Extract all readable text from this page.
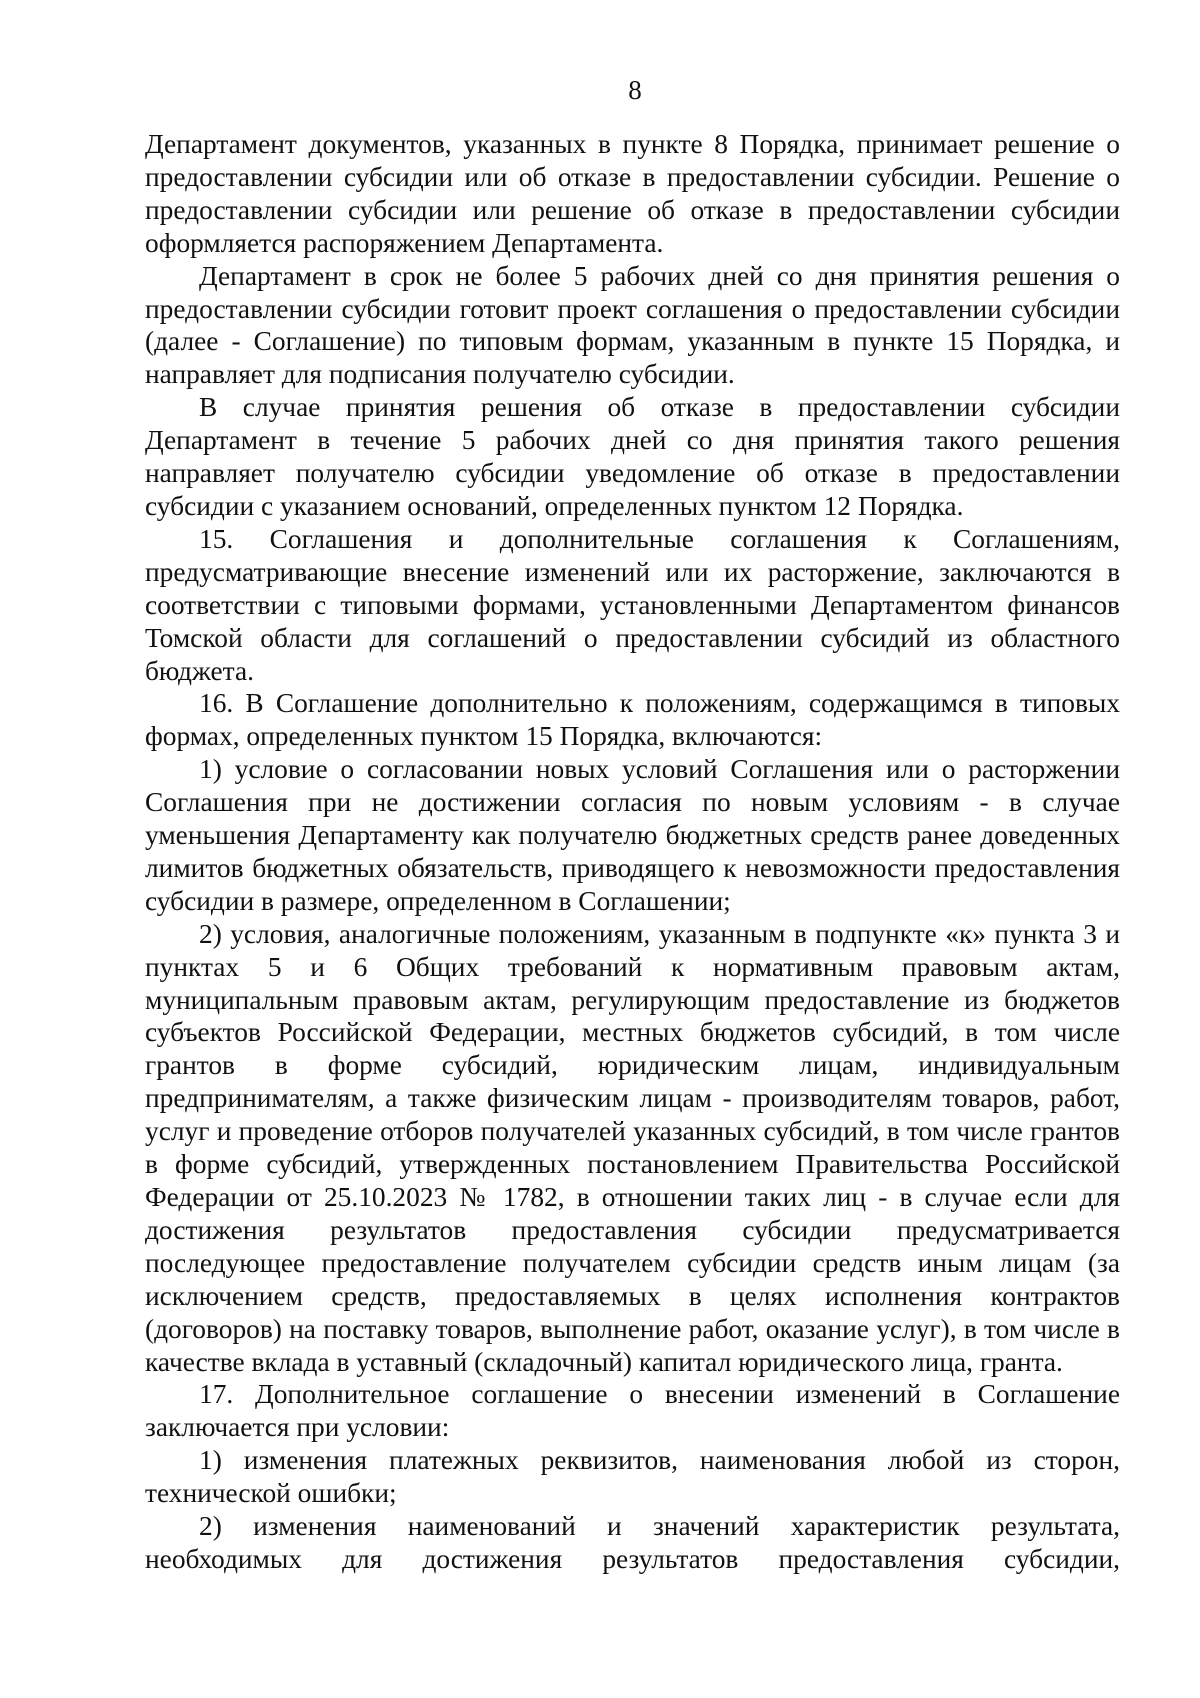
8

Департамент документов, указанных в пункте 8 Порядка, принимает решение о предоставлении субсидии или об отказе в предоставлении субсидии. Решение о предоставлении субсидии или решение об отказе в предоставлении субсидии оформляется распоряжением Департамента.

Департамент в срок не более 5 рабочих дней со дня принятия решения о предоставлении субсидии готовит проект соглашения о предоставлении субсидии (далее - Соглашение) по типовым формам, указанным в пункте 15 Порядка, и направляет для подписания получателю субсидии.

В случае принятия решения об отказе в предоставлении субсидии Департамент в течение 5 рабочих дней со дня принятия такого решения направляет получателю субсидии уведомление об отказе в предоставлении субсидии с указанием оснований, определенных пунктом 12 Порядка.

15. Соглашения и дополнительные соглашения к Соглашениям, предусматривающие внесение изменений или их расторжение, заключаются в соответствии с типовыми формами, установленными Департаментом финансов Томской области для соглашений о предоставлении субсидий из областного бюджета.

16. В Соглашение дополнительно к положениям, содержащимся в типовых формах, определенных пунктом 15 Порядка, включаются:

1) условие о согласовании новых условий Соглашения или о расторжении Соглашения при не достижении согласия по новым условиям - в случае уменьшения Департаменту как получателю бюджетных средств ранее доведенных лимитов бюджетных обязательств, приводящего к невозможности предоставления субсидии в размере, определенном в Соглашении;

2) условия, аналогичные положениям, указанным в подпункте «к» пункта 3 и пунктах 5 и 6 Общих требований к нормативным правовым актам, муниципальным правовым актам, регулирующим предоставление из бюджетов субъектов Российской Федерации, местных бюджетов субсидий, в том числе грантов в форме субсидий, юридическим лицам, индивидуальным предпринимателям, а также физическим лицам - производителям товаров, работ, услуг и проведение отборов получателей указанных субсидий, в том числе грантов в форме субсидий, утвержденных постановлением Правительства Российской Федерации от 25.10.2023 № 1782, в отношении таких лиц - в случае если для достижения результатов предоставления субсидии предусматривается последующее предоставление получателем субсидии средств иным лицам (за исключением средств, предоставляемых в целях исполнения контрактов (договоров) на поставку товаров, выполнение работ, оказание услуг), в том числе в качестве вклада в уставный (складочный) капитал юридического лица, гранта.

17. Дополнительное соглашение о внесении изменений в Соглашение заключается при условии:

1) изменения платежных реквизитов, наименования любой из сторон, технической ошибки;

2) изменения наименований и значений характеристик результата, необходимых для достижения результатов предоставления субсидии,
